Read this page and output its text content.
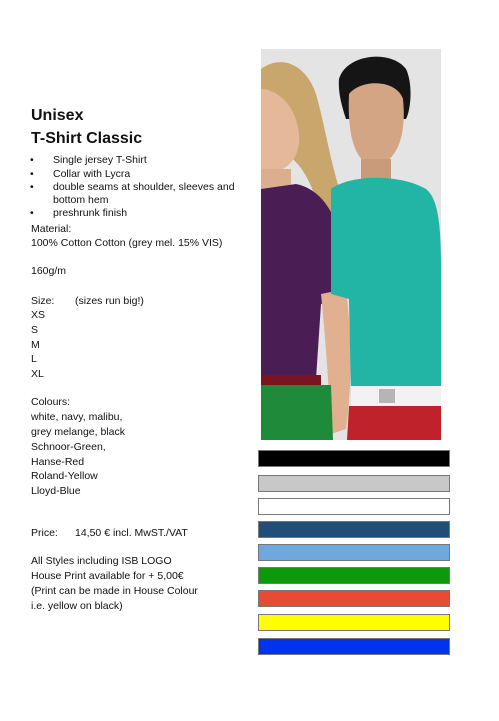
Unisex
T-Shirt Classic
• Single jersey T-Shirt
• Collar with Lycra
• double seams at shoulder, sleeves and bottom hem
• preshrunk finish
Material:
100% Cotton Cotton (grey mel. 15% VIS)
160g/m
Size: (sizes run big!)
XS
S
M
L
XL
Colours:
white, navy, malibu,
grey melange, black
Schnoor-Green,
Hanse-Red
Roland-Yellow
Lloyd-Blue
Price: 14,50 € incl. MwST./VAT
All Styles including ISB LOGO
House Print available for + 5,00€
(Print can be made in House Colour
i.e. yellow on black)
